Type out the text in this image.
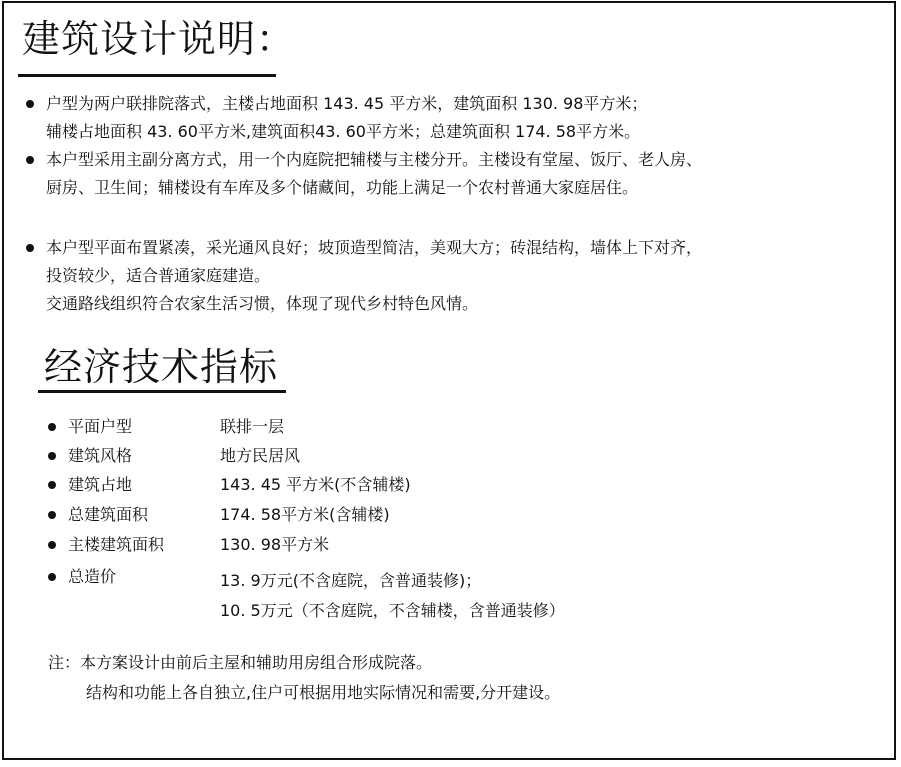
建筑设计说明：
户型为两户联排院落式，主楼占地面积 143. 45 平方米，建筑面积 130. 98平方米；
辅楼占地面积 43. 60平方米,建筑面积43. 60平方米；总建筑面积 174. 58平方米。
本户型采用主副分离方式，用一个内庭院把辅楼与主楼分开。主楼设有堂屋、饭厅、老人房、
厨房、卫生间；辅楼设有车库及多个储藏间，功能上满足一个农村普通大家庭居住。
本户型平面布置紧凑，采光通风良好；坡顶造型简洁，美观大方；砖混结构，墙体上下对齐，
投资较少，适合普通家庭建造。
交通路线组织符合农家生活习惯，体现了现代乡村特色风情。
经济技术指标
平面户型	联排一层
建筑风格	地方民居风
建筑占地	143. 45 平方米(不含辅楼)
总建筑面积	174. 58平方米(含辅楼)
主楼建筑面积	130. 98平方米
总造价	13. 9万元(不含庭院，含普通装修)；
10. 5万元（不含庭院，不含辅楼，含普通装修）
注：本方案设计由前后主屋和辅助用房组合形成院落。
结构和功能上各自独立,住户可根据用地实际情况和需要,分开建设。
